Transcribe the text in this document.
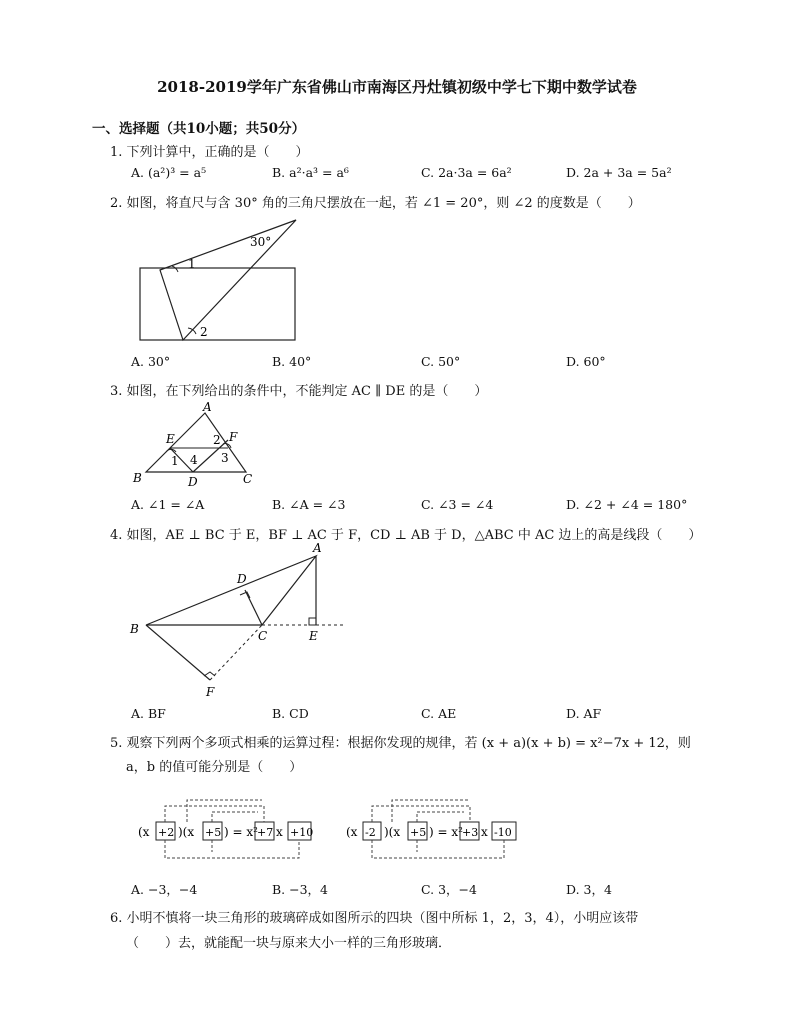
2018-2019学年广东省佛山市南海区丹灶镇初级中学七下期中数学试卷
一、选择题（共10小题；共50分）
1. 下列计算中，正确的是（　　）
A. (a²)³ = a⁵	B. a²·a³ = a⁶	C. 2a·3a = 6a²	D. 2a + 3a = 5a²
2. 如图，将直尺与含 30° 角的三角尺摆放在一起，若 ∠1 = 20°，则 ∠2 的度数是（　　）
30°
1
2
A. 30°	B. 40°	C. 50°	D. 60°
3. 如图，在下列给出的条件中，不能判定 AC ∥ DE 的是（　　）
A
E	2 F
1 4 3
B	D	C
A. ∠1 = ∠A	B. ∠A = ∠3	C. ∠3 = ∠4	D. ∠2 + ∠4 = 180°
4. 如图，AE ⊥ BC 于 E，BF ⊥ AC 于 F，CD ⊥ AB 于 D，△ABC 中 AC 边上的高是线段（　　）
A
D
B	C	E
F
A. BF	B. CD	C. AE	D. AF
5. 观察下列两个多项式相乘的运算过程：根据你发现的规律，若 (x + a)(x + b) = x²−7x + 12，则
a，b 的值可能分别是（　　）
(x +2 )(x +5 ) = x² +7 x +10	(x -2 )(x +5 ) = x² +3 x -10
A. −3，−4	B. −3，4	C. 3，−4	D. 3，4
6. 小明不慎将一块三角形的玻璃碎成如图所示的四块（图中所标 1，2，3，4），小明应该带
（　　）去，就能配一块与原来大小一样的三角形玻璃．
